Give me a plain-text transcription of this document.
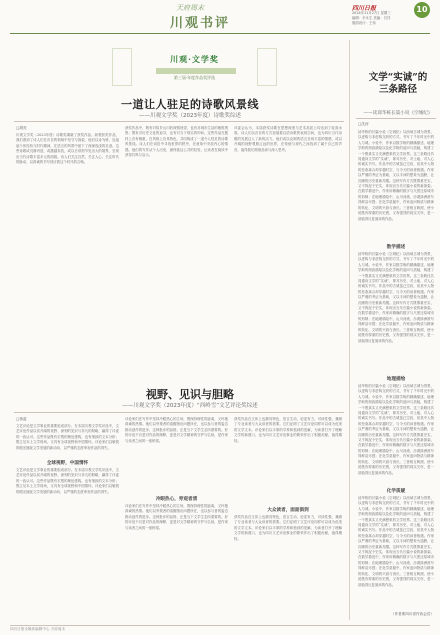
天府周末
川观书评
四川日报
2024年11月27日 星期三
编辑：佘永生 美编：吕洋
版面设计：王伟
10
川观·文学奖
第三届·年度作品奖评选
一道让人驻足的诗歌风景线
——川观文学奖（2023年度）诗歌奖综述
□胡亮

川观文学奖（2023年度）诗歌奖揭晓了获奖作品。纵观获奖作品，我们看到了诗人们在各自的领域中坚守与探索，他们以诗为桥，连接起个体经验与时代精神，在语言的风景中留下了深深浅浅的足迹。这些诗歌或沉静内敛，或激越奔放，或以日常细节见出大的境界，呈现出当代诗歌丰富多元的面貌。诗人们关注自然、关注人心、关注时代的脉动，以真诚的书写回应着这个时代的召唤。

获奖作品中，既有对故乡山川的深情回望，也有对城市生活的敏锐观察；既有对历史文化的追寻，也有对当下现实的叩问。这些作品在题材上各有侧重，在风格上各具特色，共同构成了一道令人驻足的诗歌风景线。诗人们在词语中寻找世界的秩序，在意象中安放内心的情感。他们的写作从个人出发，最终抵达公共的经验，让读者在阅读中获得共鸣与启示。

评委会认为，本届获奖诗歌在思想深度与艺术品质上均达到了较高水准。诗人们以各自的方式拓展着汉语诗歌的表现空间，也为四川当代诗歌的发展注入了新的活力。他们或以克制的语言呈现丰富的情感，或以开阔的视野观照辽远的世界，在传统与现代之间找到了属于自己的声音，值得我们细细品读与深入思考。

视野、见识与胆略
——川观文学奖（2023年度）“西岭雪”文艺评论奖综述
□蒋蓝

文艺评论是文学事业的重要组成部分。在本届川观文学奖评选中，文艺评论作品以其开阔的视野、深刻的见识与非凡的胆略，赢得了评委的一致认可。这些作品既有宏观的理论建构，也有细致的文本分析；既立足本土文学现场，又具有全球视野和中国情怀。评论家们以敏锐的眼光捕捉文学发展的新动向，以严谨的态度审视作品的得失。

全球视野，中国情怀

文艺评论是文学事业的重要组成部分。在本届川观文学奖评选中，文艺评论作品以其开阔的视野、深刻的见识与非凡的胆略，赢得了评委的一致认可。这些作品既有宏观的理论建构，也有细致的文本分析；既立足本土文学现场，又具有全球视野和中国情怀。评论家们以敏锐的眼光捕捉文学发展的新动向，以严谨的态度审视作品的得失。

评论家们在写作中坚持冷眼热心的立场，既保持理性的距离，又怀抱真诚的热情。他们以旁观者的清醒指出问题所在，也以参与者的姿态推动创作的进步。这种批评的品格，正是当下文学生态所需要的。好的评论不仅是对作品的阐释，更是对文学精神的守护与弘扬，是作家与读者之间的一座桥梁。

冷眼热心，旁观者清

评论家们在写作中坚持冷眼热心的立场，既保持理性的距离，又怀抱真诚的热情。他们以旁观者的清醒指出问题所在，也以参与者的姿态推动创作的进步。这种批评的品格，正是当下文学生态所需要的。好的评论不仅是对作品的阐释，更是对文学精神的守护与弘扬，是作家与读者之间的一座桥梁。

获奖作品在文体上也颇具特色，语言生动，论述有力，可读性强，兼顾了专业读者与大众读者的需要。它们证明了文艺评论同样可以成为优美的文学文本。评论家们以丰厚的学养和独到的见解，为读者打开了理解文学的新窗口，也为四川文艺评论事业的繁荣作出了积极贡献，值得期待。

大众读者，面面俱到

获奖作品在文体上也颇具特色，语言生动，论述有力，可读性强，兼顾了专业读者与大众读者的需要。它们证明了文艺评论同样可以成为优美的文学文本。评论家们以丰厚的学养和独到的见解，为读者打开了理解文学的新窗口，也为四川文艺评论事业的繁荣作出了积极贡献，值得期待。

文学“实诚”的
三条路径
——读邱华栋长篇小说《空城纪》
□沈河

邱华栋的长篇小说《空城纪》以西域古城为背景，以虚构与非虚构交织的方式，书写了千年时光中的人与城。小说中，作家以数学般的精确描述、地理学般的细致描绘以及化学般的追问与质疑，构建了一个既真实又充满想象的文学世界。这三条路径共同通向文学的“实诚”，即对历史、对土地、对人心的诚实书写。作品中的古城虽已空寂，但其中人物的悲欢离合却穿越时空，与今天的读者相遇。作家以严谨的考证为基础，又以丰沛的想象为翅膀，让沉睡的历史重新苏醒。这种写作方式既尊重史实，又不拘泥于史实，体现出当代长篇小说的新探索。在数学描述中，作家用精确的数字与尺度还原城市的形制；在地理描绘中，山川河流、沙漠绿洲被写得鲜活可感；在化学质疑中，作家追问物质与精神的转化、文明的兴衰与消长。三者相互映照，使小说既有厚重的历史感，又有强烈的现实关怀，是一部值得反复阅读的作品。

数学描述

邱华栋的长篇小说《空城纪》以西域古城为背景，以虚构与非虚构交织的方式，书写了千年时光中的人与城。小说中，作家以数学般的精确描述、地理学般的细致描绘以及化学般的追问与质疑，构建了一个既真实又充满想象的文学世界。这三条路径共同通向文学的“实诚”，即对历史、对土地、对人心的诚实书写。作品中的古城虽已空寂，但其中人物的悲欢离合却穿越时空，与今天的读者相遇。作家以严谨的考证为基础，又以丰沛的想象为翅膀，让沉睡的历史重新苏醒。这种写作方式既尊重史实，又不拘泥于史实，体现出当代长篇小说的新探索。在数学描述中，作家用精确的数字与尺度还原城市的形制；在地理描绘中，山川河流、沙漠绿洲被写得鲜活可感；在化学质疑中，作家追问物质与精神的转化、文明的兴衰与消长。三者相互映照，使小说既有厚重的历史感，又有强烈的现实关怀，是一部值得反复阅读的作品。

地理描绘

邱华栋的长篇小说《空城纪》以西域古城为背景，以虚构与非虚构交织的方式，书写了千年时光中的人与城。小说中，作家以数学般的精确描述、地理学般的细致描绘以及化学般的追问与质疑，构建了一个既真实又充满想象的文学世界。这三条路径共同通向文学的“实诚”，即对历史、对土地、对人心的诚实书写。作品中的古城虽已空寂，但其中人物的悲欢离合却穿越时空，与今天的读者相遇。作家以严谨的考证为基础，又以丰沛的想象为翅膀，让沉睡的历史重新苏醒。这种写作方式既尊重史实，又不拘泥于史实，体现出当代长篇小说的新探索。在数学描述中，作家用精确的数字与尺度还原城市的形制；在地理描绘中，山川河流、沙漠绿洲被写得鲜活可感；在化学质疑中，作家追问物质与精神的转化、文明的兴衰与消长。三者相互映照，使小说既有厚重的历史感，又有强烈的现实关怀，是一部值得反复阅读的作品。

化学质疑

邱华栋的长篇小说《空城纪》以西域古城为背景，以虚构与非虚构交织的方式，书写了千年时光中的人与城。小说中，作家以数学般的精确描述、地理学般的细致描绘以及化学般的追问与质疑，构建了一个既真实又充满想象的文学世界。这三条路径共同通向文学的“实诚”，即对历史、对土地、对人心的诚实书写。作品中的古城虽已空寂，但其中人物的悲欢离合却穿越时空，与今天的读者相遇。作家以严谨的考证为基础，又以丰沛的想象为翅膀，让沉睡的历史重新苏醒。这种写作方式既尊重史实，又不拘泥于史实，体现出当代长篇小说的新探索。在数学描述中，作家用精确的数字与尺度还原城市的形制；在地理描绘中，山川河流、沙漠绿洲被写得鲜活可感；在化学质疑中，作家追问物质与精神的转化、文明的兴衰与消长。三者相互映照，使小说既有厚重的历史感，又有强烈的现实关怀，是一部值得反复阅读的作品。

（作者系四川省作协会员）
四川日报全媒体编辑中心 天府周末
